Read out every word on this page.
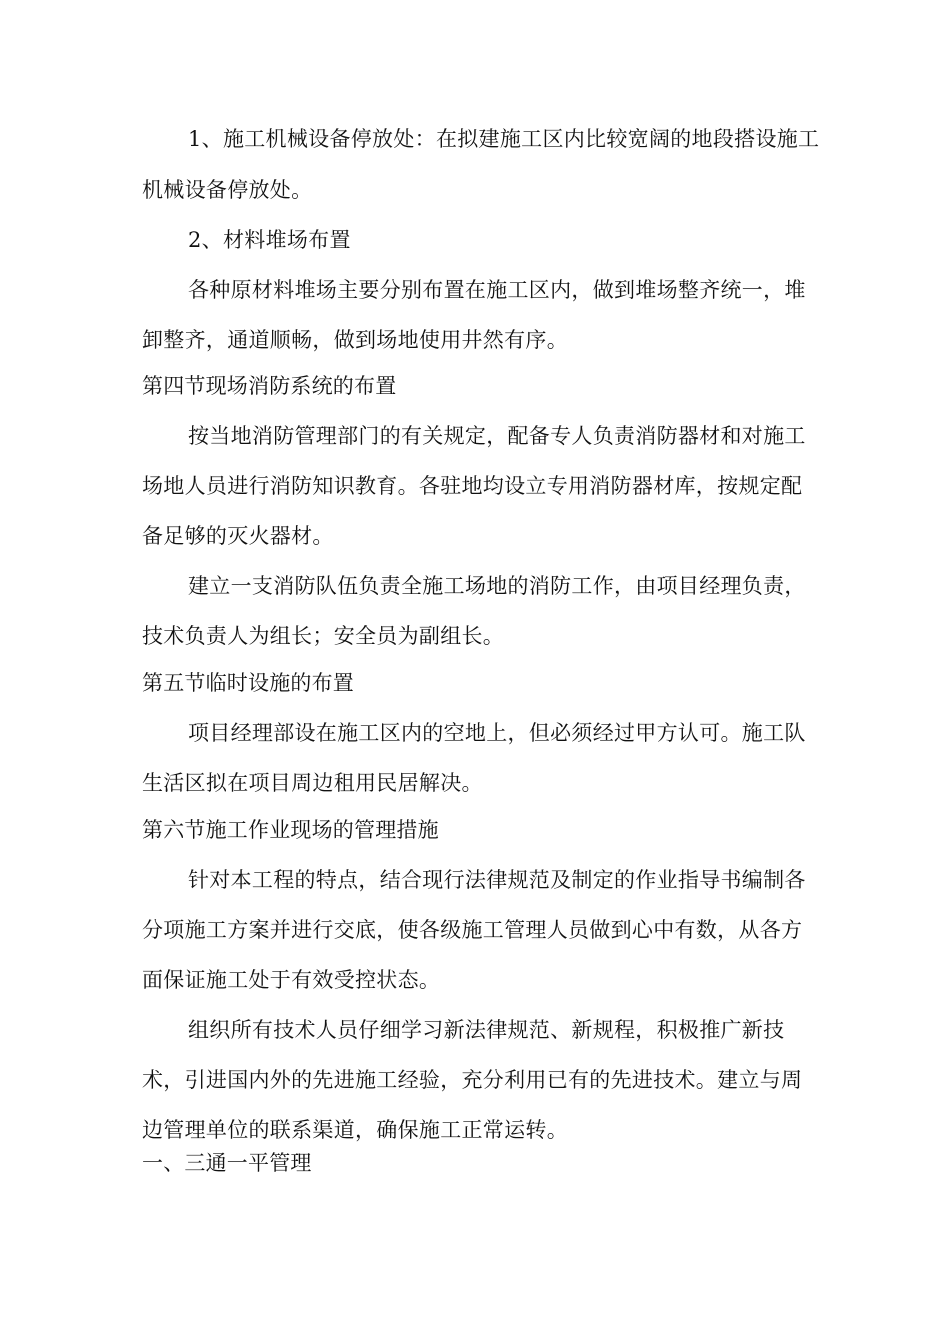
1、施工机械设备停放处：在拟建施工区内比较宽阔的地段搭设施工
机械设备停放处。
2、材料堆场布置
各种原材料堆场主要分别布置在施工区内，做到堆场整齐统一，堆
卸整齐，通道顺畅，做到场地使用井然有序。
第四节现场消防系统的布置
按当地消防管理部门的有关规定，配备专人负责消防器材和对施工
场地人员进行消防知识教育。各驻地均设立专用消防器材库，按规定配
备足够的灭火器材。
建立一支消防队伍负责全施工场地的消防工作，由项目经理负责，
技术负责人为组长；安全员为副组长。
第五节临时设施的布置
项目经理部设在施工区内的空地上，但必须经过甲方认可。施工队
生活区拟在项目周边租用民居解决。
第六节施工作业现场的管理措施
针对本工程的特点，结合现行法律规范及制定的作业指导书编制各
分项施工方案并进行交底，使各级施工管理人员做到心中有数，从各方
面保证施工处于有效受控状态。
组织所有技术人员仔细学习新法律规范、新规程，积极推广新技
术，引进国内外的先进施工经验，充分利用已有的先进技术。建立与周
边管理单位的联系渠道，确保施工正常运转。
一、三通一平管理
